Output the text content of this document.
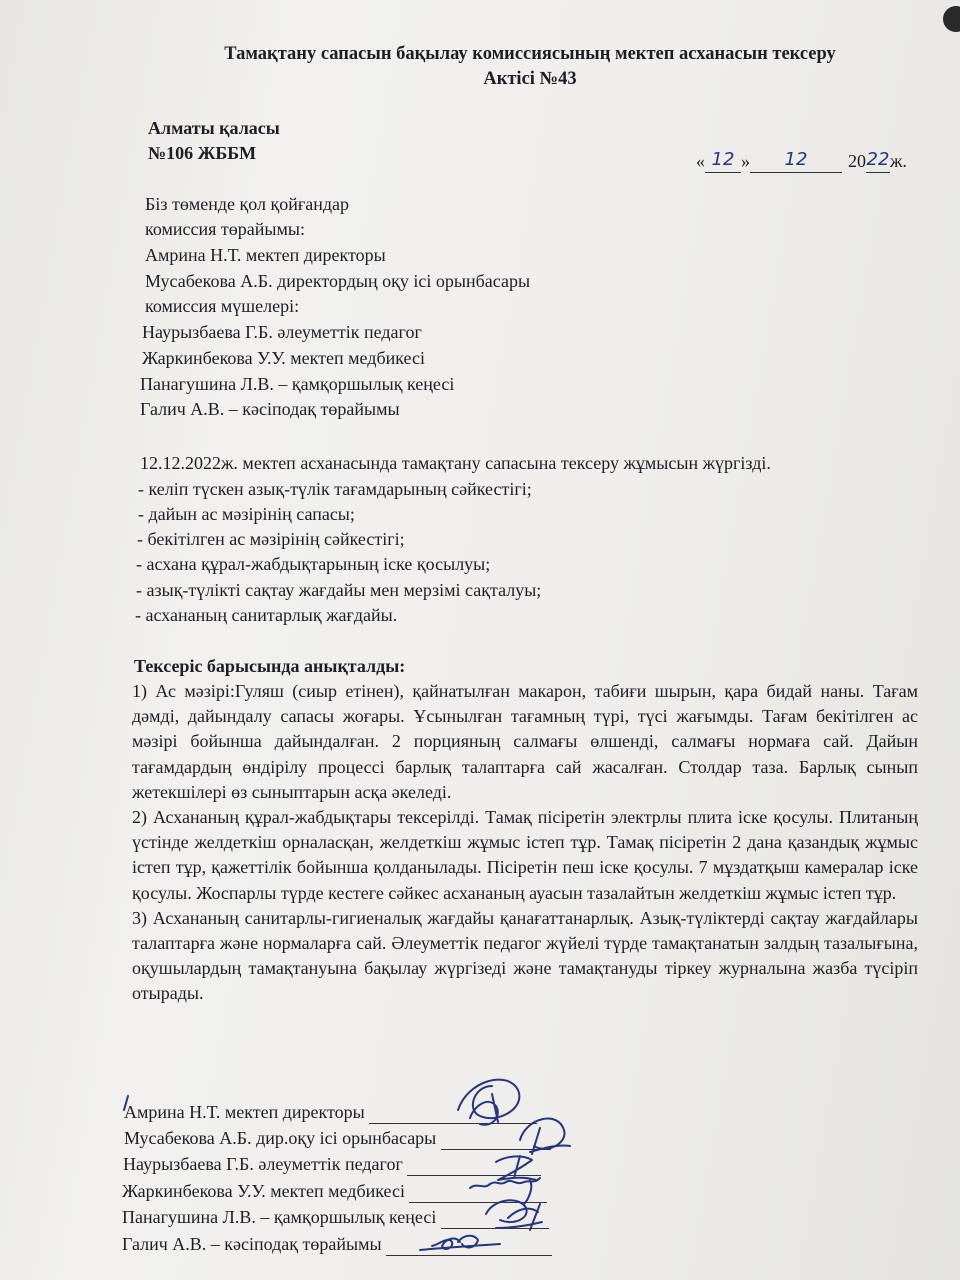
Тамақтану сапасын бақылау комиссиясының мектеп асханасын тексеру
Актісі №43
Алматы қаласы
№106 ЖББМ	« 12 » 12 2022ж.
Біз төменде қол қойғандар
комиссия төрайымы:
Амрина Н.Т. мектеп директоры
Мусабекова А.Б. директордың оқу ісі орынбасары
комиссия мүшелері:
Наурызбаева Г.Б. әлеуметтік педагог
Жаркинбекова У.У. мектеп медбикесі
Панагушина Л.В. – қамқоршылық кеңесі
Галич А.В. – кәсіподақ төрайымы
12.12.2022ж. мектеп асханасында тамақтану сапасына тексеру жұмысын жүргізді.
- келіп түскен азық-түлік тағамдарының сәйкестігі;
- дайын ас мәзірінің сапасы;
- бекітілген ас мәзірінің сәйкестігі;
- асхана құрал-жабдықтарының іске қосылуы;
- азық-түлікті сақтау жағдайы мен мерзімі сақталуы;
- асхананың санитарлық жағдайы.
Тексеріс барысында анықталды:

1) Ас мәзірі:Гуляш (сиыр етінен), қайнатылған макарон, табиғи шырын, қара бидай наны. Тағам дәмді, дайындалу сапасы жоғары. Ұсынылған тағамның түрі, түсі жағымды. Тағам бекітілген ас мәзірі бойынша дайындалған. 2 порцияның салмағы өлшенді, салмағы нормаға сай. Дайын тағамдардың өндірілу процессі барлық талаптарға сай жасалған. Столдар таза. Барлық сынып жетекшілері өз сыныптарын асқа әкеледі.

2) Асхананың құрал-жабдықтары тексерілді. Тамақ пісіретін электрлы плита іске қосулы. Плитаның үстінде желдеткіш орналасқан, желдеткіш жұмыс істеп тұр. Тамақ пісіретін 2 дана қазандық жұмыс істеп тұр, қажеттілік бойынша қолданылады. Пісіретін пеш іске қосулы. 7 мұздатқыш камералар іске қосулы. Жоспарлы түрде кестеге сәйкес асхананың ауасын тазалайтын желдеткіш жұмыс істеп тұр.

3) Асхананың санитарлы-гигиеналық жағдайы қанағаттанарлық. Азық-түліктерді сақтау жағдайлары талаптарға және нормаларға сай. Әлеуметтік педагог жүйелі түрде тамақтанатын залдың тазалығына, оқушылардың тамақтануына бақылау жүргізеді және тамақтануды тіркеу журналына жазба түсіріп отырады.

Амрина Н.Т. мектеп директоры
Мусабекова А.Б. дир.оқу ісі орынбасары
Наурызбаева Г.Б. әлеуметтік педагог
Жаркинбекова У.У. мектеп медбикесі
Панагушина Л.В. – қамқоршылық кеңесі
Галич А.В. – кәсіподақ төрайымы
